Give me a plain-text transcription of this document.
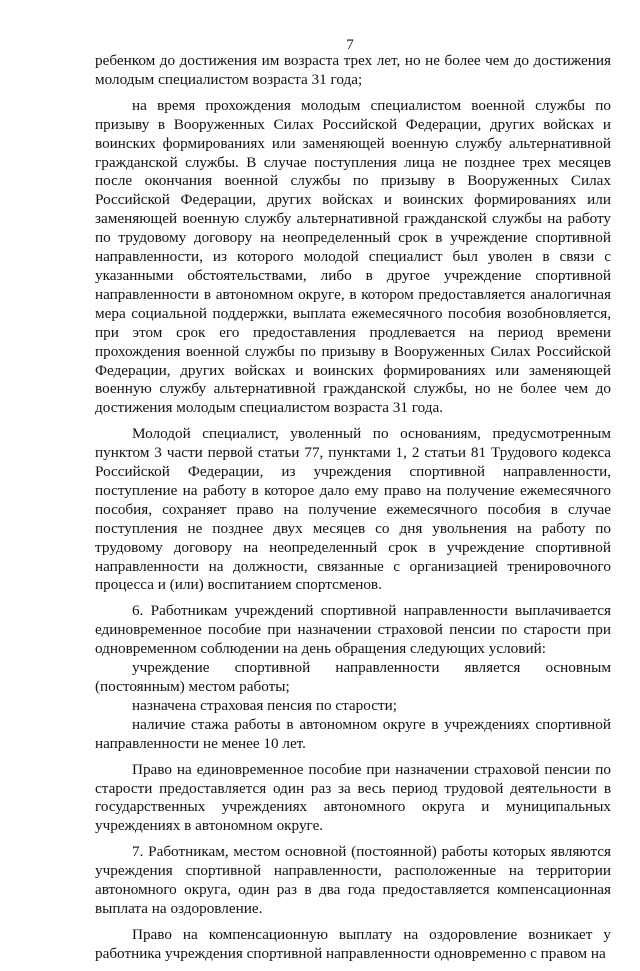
7

ребенком до достижения им возраста трех лет, но не более чем до достижения молодым специалистом возраста 31 года;

на время прохождения молодым специалистом военной службы по призыву в Вооруженных Силах Российской Федерации, других войсках и воинских формированиях или заменяющей военную службу альтернативной гражданской службы. В случае поступления лица не позднее трех месяцев после окончания военной службы по призыву в Вооруженных Силах Российской Федерации, других войсках и воинских формированиях или заменяющей военную службу альтернативной гражданской службы на работу по трудовому договору на неопределенный срок в учреждение спортивной направленности, из которого молодой специалист был уволен в связи с указанными обстоятельствами, либо в другое учреждение спортивной направленности в автономном округе, в котором предоставляется аналогичная мера социальной поддержки, выплата ежемесячного пособия возобновляется, при этом срок его предоставления продлевается на период времени прохождения военной службы по призыву в Вооруженных Силах Российской Федерации, других войсках и воинских формированиях или заменяющей военную службу альтернативной гражданской службы, но не более чем до достижения молодым специалистом возраста 31 года.

Молодой специалист, уволенный по основаниям, предусмотренным пунктом 3 части первой статьи 77, пунктами 1, 2 статьи 81 Трудового кодекса Российской Федерации, из учреждения спортивной направленности, поступление на работу в которое дало ему право на получение ежемесячного пособия, сохраняет право на получение ежемесячного пособия в случае поступления не позднее двух месяцев со дня увольнения на работу по трудовому договору на неопределенный срок в учреждение спортивной направленности на должности, связанные с организацией тренировочного процесса и (или) воспитанием спортсменов.

6. Работникам учреждений спортивной направленности выплачивается единовременное пособие при назначении страховой пенсии по старости при одновременном соблюдении на день обращения следующих условий:

учреждение спортивной направленности является основным (постоянным) местом работы;

назначена страховая пенсия по старости;

наличие стажа работы в автономном округе в учреждениях спортивной направленности не менее 10 лет.

Право на единовременное пособие при назначении страховой пенсии по старости предоставляется один раз за весь период трудовой деятельности в государственных учреждениях автономного округа и муниципальных учреждениях в автономном округе.

7. Работникам, местом основной (постоянной) работы которых являются учреждения спортивной направленности, расположенные на территории автономного округа, один раз в два года предоставляется компенсационная выплата на оздоровление.

Право на компенсационную выплату на оздоровление возникает у работника учреждения спортивной направленности одновременно с правом на
